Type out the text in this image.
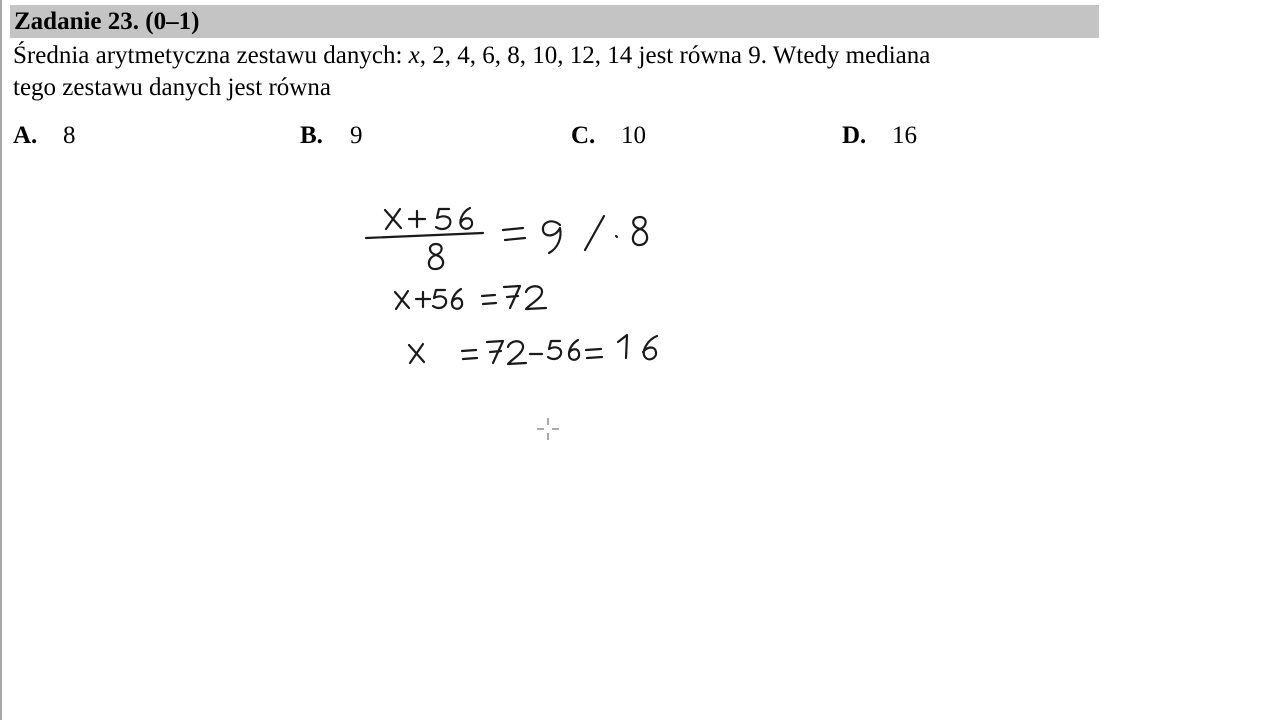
Zadanie 23. (0–1)
Średnia arytmetyczna zestawu danych: x, 2, 4, 6, 8, 10, 12, 14 jest równa 9. Wtedy mediana
tego zestawu danych jest równa
A. 8	B. 9	C. 10	D. 16
